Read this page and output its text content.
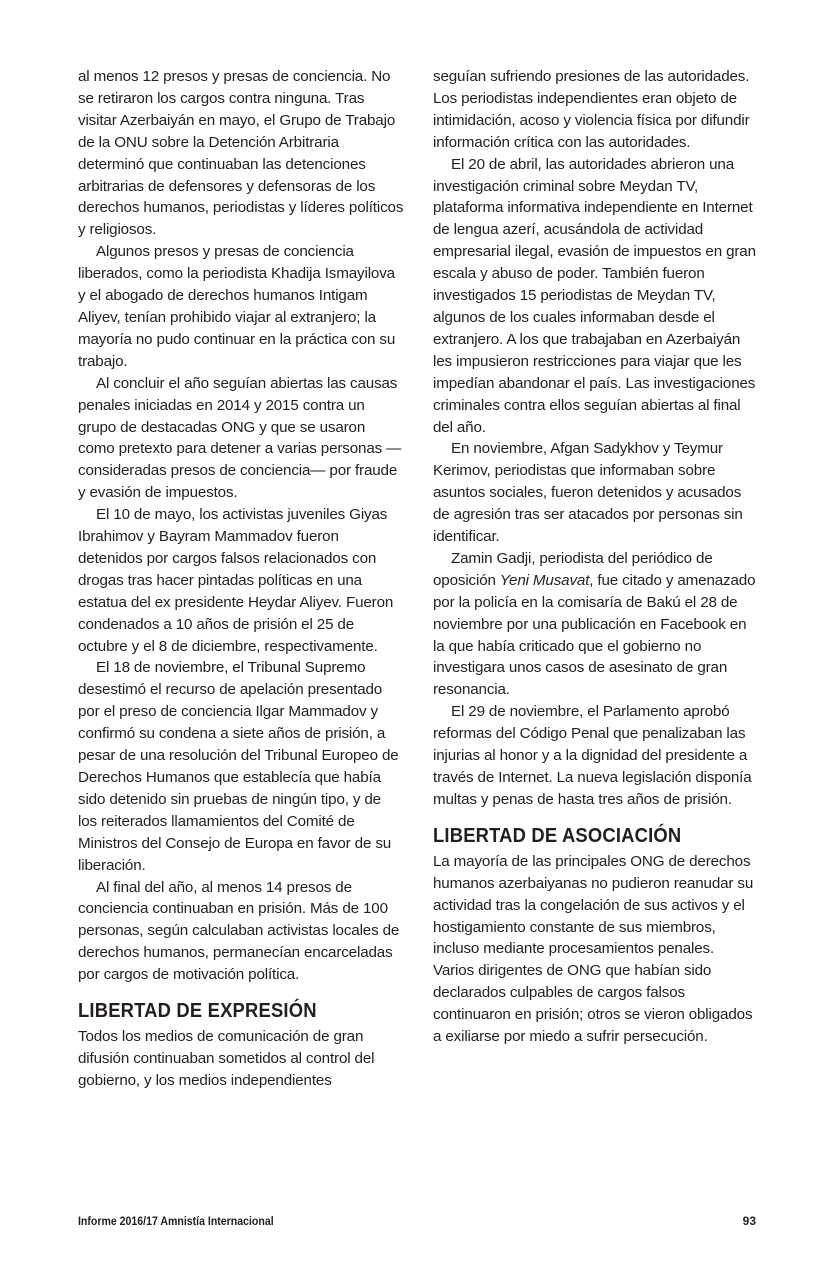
al menos 12 presos y presas de conciencia. No se retiraron los cargos contra ninguna. Tras visitar Azerbaiyán en mayo, el Grupo de Trabajo de la ONU sobre la Detención Arbitraria determinó que continuaban las detenciones arbitrarias de defensores y defensoras de los derechos humanos, periodistas y líderes políticos y religiosos.

Algunos presos y presas de conciencia liberados, como la periodista Khadija Ismayilova y el abogado de derechos humanos Intigam Aliyev, tenían prohibido viajar al extranjero; la mayoría no pudo continuar en la práctica con su trabajo.

Al concluir el año seguían abiertas las causas penales iniciadas en 2014 y 2015 contra un grupo de destacadas ONG y que se usaron como pretexto para detener a varias personas —consideradas presos de conciencia— por fraude y evasión de impuestos.

El 10 de mayo, los activistas juveniles Giyas Ibrahimov y Bayram Mammadov fueron detenidos por cargos falsos relacionados con drogas tras hacer pintadas políticas en una estatua del ex presidente Heydar Aliyev. Fueron condenados a 10 años de prisión el 25 de octubre y el 8 de diciembre, respectivamente.

El 18 de noviembre, el Tribunal Supremo desestimó el recurso de apelación presentado por el preso de conciencia Ilgar Mammadov y confirmó su condena a siete años de prisión, a pesar de una resolución del Tribunal Europeo de Derechos Humanos que establecía que había sido detenido sin pruebas de ningún tipo, y de los reiterados llamamientos del Comité de Ministros del Consejo de Europa en favor de su liberación.

Al final del año, al menos 14 presos de conciencia continuaban en prisión. Más de 100 personas, según calculaban activistas locales de derechos humanos, permanecían encarceladas por cargos de motivación política.

LIBERTAD DE EXPRESIÓN

Todos los medios de comunicación de gran difusión continuaban sometidos al control del gobierno, y los medios independientes

seguían sufriendo presiones de las autoridades. Los periodistas independientes eran objeto de intimidación, acoso y violencia física por difundir información crítica con las autoridades.

El 20 de abril, las autoridades abrieron una investigación criminal sobre Meydan TV, plataforma informativa independiente en Internet de lengua azerí, acusándola de actividad empresarial ilegal, evasión de impuestos en gran escala y abuso de poder. También fueron investigados 15 periodistas de Meydan TV, algunos de los cuales informaban desde el extranjero. A los que trabajaban en Azerbaiyán les impusieron restricciones para viajar que les impedían abandonar el país. Las investigaciones criminales contra ellos seguían abiertas al final del año.

En noviembre, Afgan Sadykhov y Teymur Kerimov, periodistas que informaban sobre asuntos sociales, fueron detenidos y acusados de agresión tras ser atacados por personas sin identificar.

Zamin Gadji, periodista del periódico de oposición Yeni Musavat, fue citado y amenazado por la policía en la comisaría de Bakú el 28 de noviembre por una publicación en Facebook en la que había criticado que el gobierno no investigara unos casos de asesinato de gran resonancia.

El 29 de noviembre, el Parlamento aprobó reformas del Código Penal que penalizaban las injurias al honor y a la dignidad del presidente a través de Internet. La nueva legislación disponía multas y penas de hasta tres años de prisión.

LIBERTAD DE ASOCIACIÓN

La mayoría de las principales ONG de derechos humanos azerbaiyanas no pudieron reanudar su actividad tras la congelación de sus activos y el hostigamiento constante de sus miembros, incluso mediante procesamientos penales. Varios dirigentes de ONG que habían sido declarados culpables de cargos falsos continuaron en prisión; otros se vieron obligados a exiliarse por miedo a sufrir persecución.

Informe 2016/17 Amnistía Internacional	93
